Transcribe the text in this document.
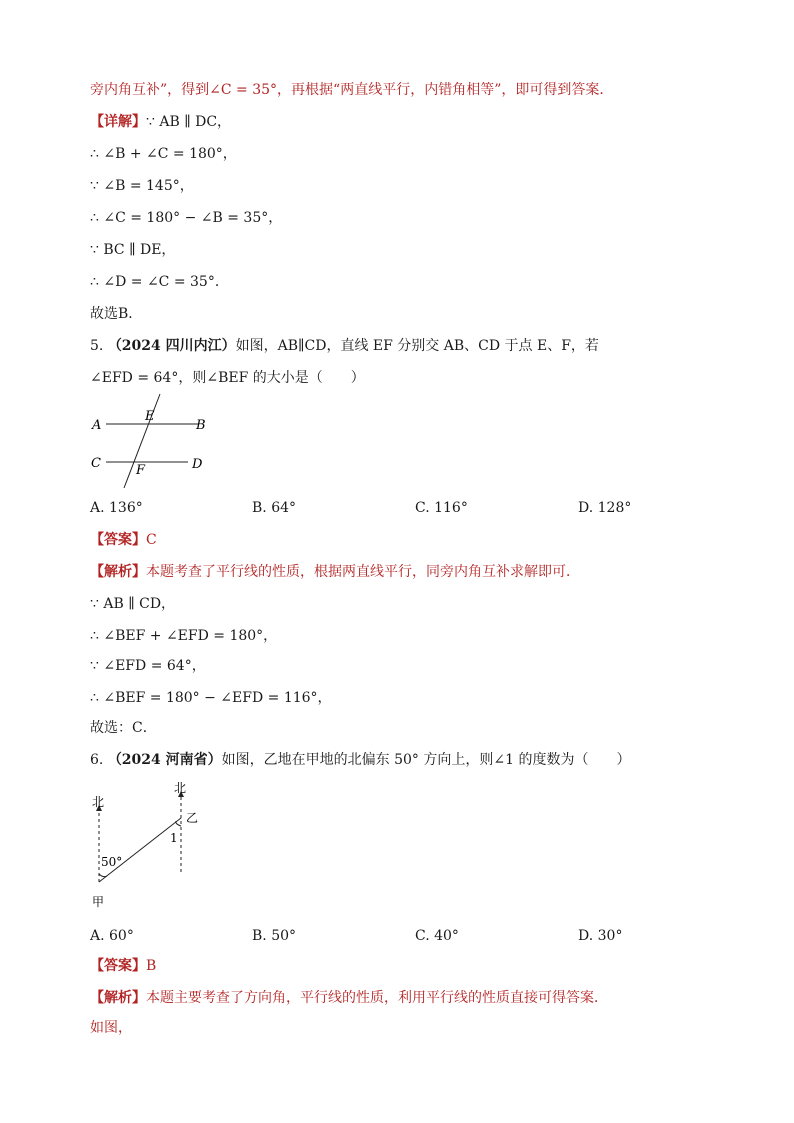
旁内角互补”，得到∠C = 35°，再根据“两直线平行，内错角相等”，即可得到答案．
【详解】∵ AB ∥ DC，
∴ ∠B + ∠C = 180°，
∵ ∠B = 145°，
∴ ∠C = 180° − ∠B = 35°，
∵ BC ∥ DE，
∴ ∠D = ∠C = 35°．
故选B．
5. （2024 四川内江）如图，AB∥CD，直线 EF 分别交 AB、CD 于点 E、F，若
∠EFD = 64°，则∠BEF 的大小是（　　）
A	B
C	D
E
F
A. 136°	B. 64°	C. 116°	D. 128°
【答案】C
【解析】本题考查了平行线的性质，根据两直线平行，同旁内角互补求解即可．
∵ AB ∥ CD，
∴ ∠BEF + ∠EFD = 180°，
∵ ∠EFD = 64°，
∴ ∠BEF = 180° − ∠EFD = 116°，
故选：C．
6. （2024 河南省）如图，乙地在甲地的北偏东 50° 方向上，则∠1 的度数为（　　）
北
北
乙
甲
50°
1
A. 60°	B. 50°	C. 40°	D. 30°
【答案】B
【解析】本题主要考查了方向角，平行线的性质，利用平行线的性质直接可得答案．
如图，
